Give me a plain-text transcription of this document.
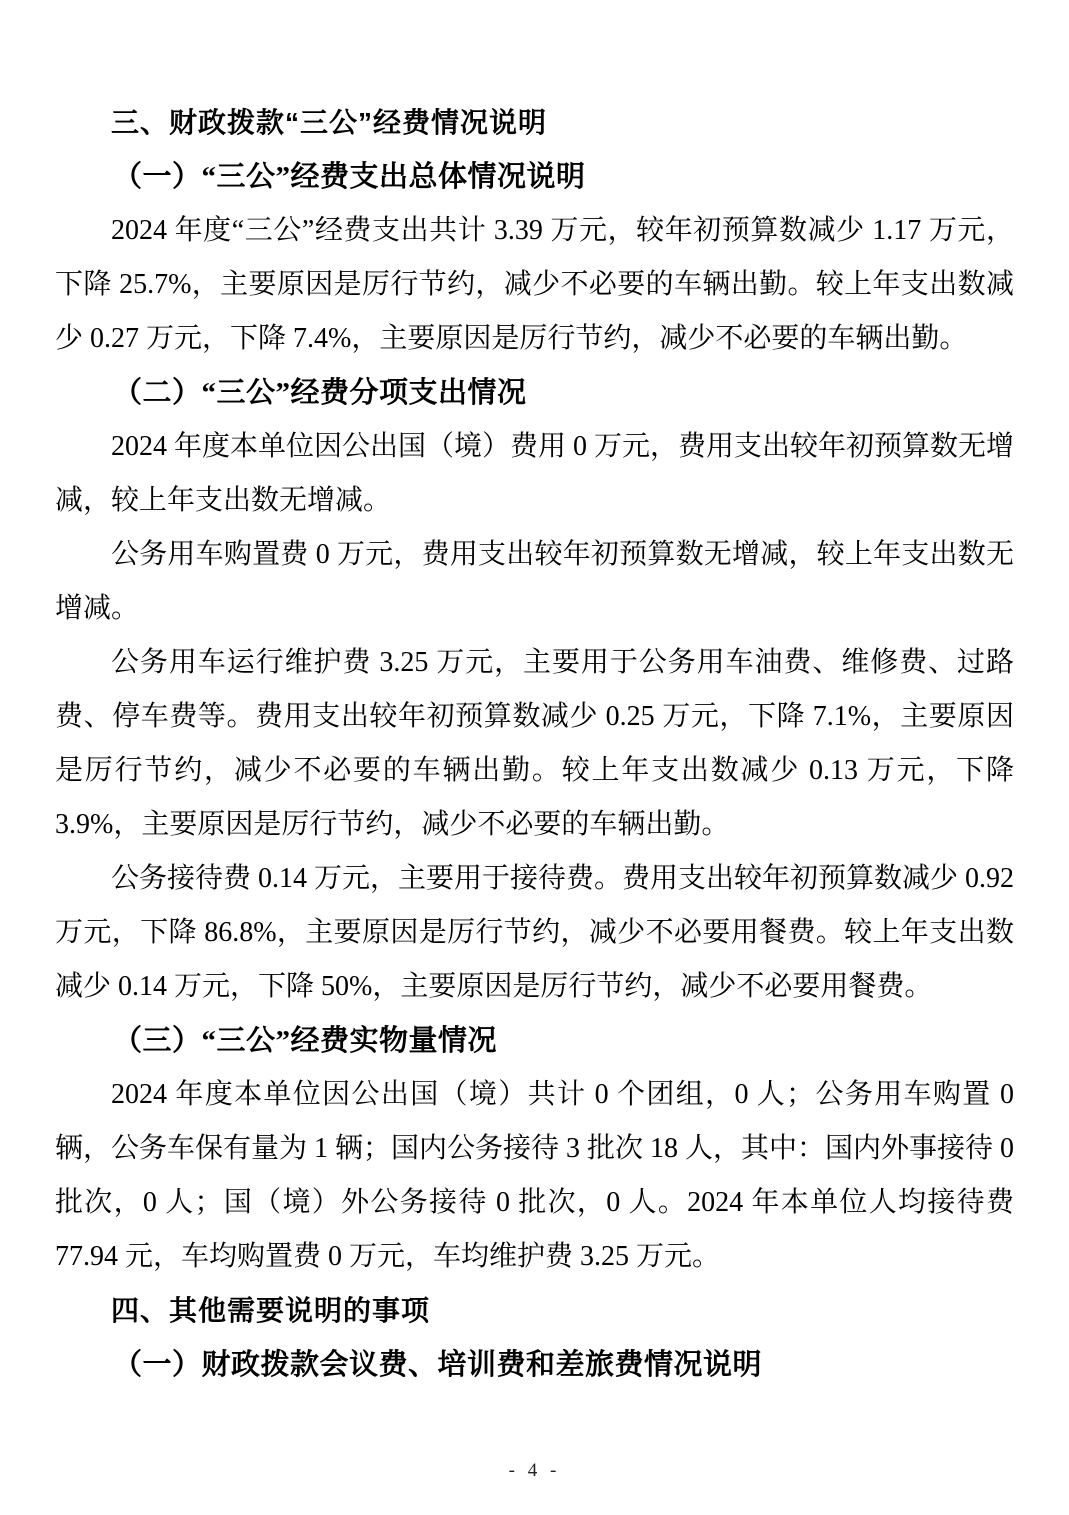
三、财政拨款“三公”经费情况说明
（一）“三公”经费支出总体情况说明
2024 年度“三公”经费支出共计 3.39 万元，较年初预算数减少 1.17 万元，下降 25.7%，主要原因是厉行节约，减少不必要的车辆出勤。较上年支出数减少 0.27 万元，下降 7.4%，主要原因是厉行节约，减少不必要的车辆出勤。
（二）“三公”经费分项支出情况
2024 年度本单位因公出国（境）费用 0 万元，费用支出较年初预算数无增减，较上年支出数无增减。
公务用车购置费 0 万元，费用支出较年初预算数无增减，较上年支出数无增减。
公务用车运行维护费 3.25 万元，主要用于公务用车油费、维修费、过路费、停车费等。费用支出较年初预算数减少 0.25 万元，下降 7.1%，主要原因是厉行节约，减少不必要的车辆出勤。较上年支出数减少 0.13 万元，下降 3.9%，主要原因是厉行节约，减少不必要的车辆出勤。
公务接待费 0.14 万元，主要用于接待费。费用支出较年初预算数减少 0.92 万元，下降 86.8%，主要原因是厉行节约，减少不必要用餐费。较上年支出数减少 0.14 万元，下降 50%，主要原因是厉行节约，减少不必要用餐费。
（三）“三公”经费实物量情况
2024 年度本单位因公出国（境）共计 0 个团组，0 人；公务用车购置 0 辆，公务车保有量为 1 辆；国内公务接待 3 批次 18 人，其中：国内外事接待 0 批次，0 人；国（境）外公务接待 0 批次，0 人。2024 年本单位人均接待费 77.94 元，车均购置费 0 万元，车均维护费 3.25 万元。
四、其他需要说明的事项
（一）财政拨款会议费、培训费和差旅费情况说明
- 4 -
